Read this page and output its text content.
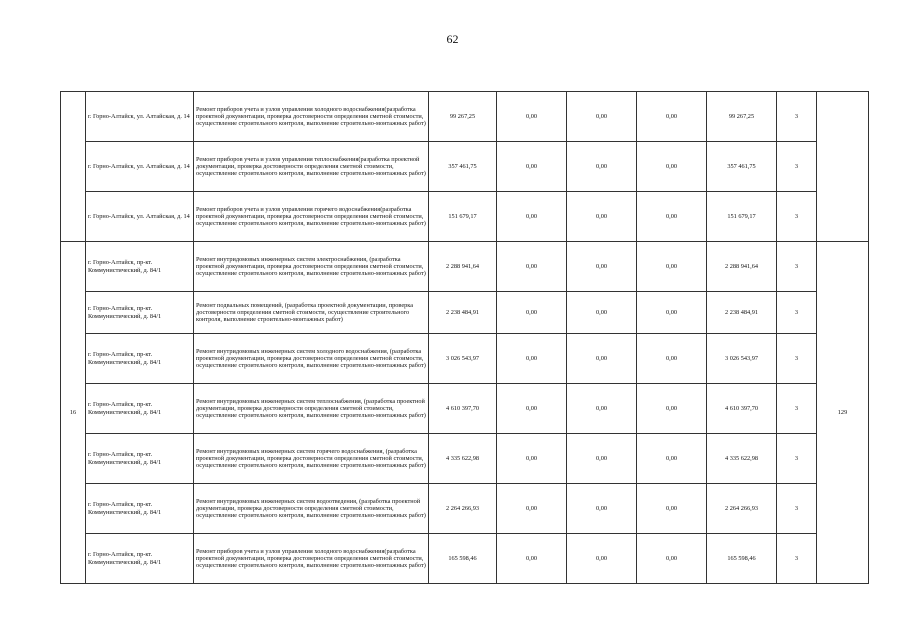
62
	г. Горно-Алтайск, ул. Алтайская, д. 14	Ремонт приборов учета и узлов управления холодного водоснабжения(разработка проектной документации, проверка достоверности определения сметной стоимости, осуществление строительного контроля, выполнение строительно-монтажных работ)	99 267,25	0,00	0,00	0,00	99 267,25	3	
	г. Горно-Алтайск, ул. Алтайская, д. 14	Ремонт приборов учета и узлов управления теплоснабжения(разработка проектной документации, проверка достоверности определения сметной стоимости, осуществление строительного контроля, выполнение строительно-монтажных работ)	357 461,75	0,00	0,00	0,00	357 461,75	3	
	г. Горно-Алтайск, ул. Алтайская, д. 14	Ремонт приборов учета и узлов управления горячего водоснабжения(разработка проектной документации, проверка достоверности определения сметной стоимости, осуществление строительного контроля, выполнение строительно-монтажных работ)	151 679,17	0,00	0,00	0,00	151 679,17	3	
16	г. Горно-Алтайск, пр-кт. Коммунистический, д. 84/1	Ремонт внутридомовых инженерных систем электроснабжения, (разработка проектной документации, проверка достоверности определения сметной стоимости, осуществление строительного контроля, выполнение строительно-монтажных работ)	2 288 941,64	0,00	0,00	0,00	2 288 941,64	3	129
	г. Горно-Алтайск, пр-кт. Коммунистический, д. 84/1	Ремонт подвальных помещений, (разработка проектной документации, проверка достоверности определения сметной стоимости, осуществление строительного контроля, выполнение строительно-монтажных работ)	2 238 484,91	0,00	0,00	0,00	2 238 484,91	3	
	г. Горно-Алтайск, пр-кт. Коммунистический, д. 84/1	Ремонт внутридомовых инженерных систем холодного водоснабжения, (разработка проектной документации, проверка достоверности определения сметной стоимости, осуществление строительного контроля, выполнение строительно-монтажных работ)	3 026 543,97	0,00	0,00	0,00	3 026 543,97	3	
	г. Горно-Алтайск, пр-кт. Коммунистический, д. 84/1	Ремонт внутридомовых инженерных систем теплоснабжения, (разработка проектной документации, проверка достоверности определения сметной стоимости, осуществление строительного контроля, выполнение строительно-монтажных работ)	4 610 397,70	0,00	0,00	0,00	4 610 397,70	3	
	г. Горно-Алтайск, пр-кт. Коммунистический, д. 84/1	Ремонт внутридомовых инженерных систем горячего водоснабжения, (разработка проектной документации, проверка достоверности определения сметной стоимости, осуществление строительного контроля, выполнение строительно-монтажных работ)	4 335 622,98	0,00	0,00	0,00	4 335 622,98	3	
	г. Горно-Алтайск, пр-кт. Коммунистический, д. 84/1	Ремонт внутридомовых инженерных систем водоотведения, (разработка проектной документации, проверка достоверности определения сметной стоимости, осуществление строительного контроля, выполнение строительно-монтажных работ)	2 264 266,93	0,00	0,00	0,00	2 264 266,93	3	
	г. Горно-Алтайск, пр-кт. Коммунистический, д. 84/1	Ремонт приборов учета и узлов управления холодного водоснабжения(разработка проектной документации, проверка достоверности определения сметной стоимости, осуществление строительного контроля, выполнение строительно-монтажных работ)	165 598,46	0,00	0,00	0,00	165 598,46	3	
